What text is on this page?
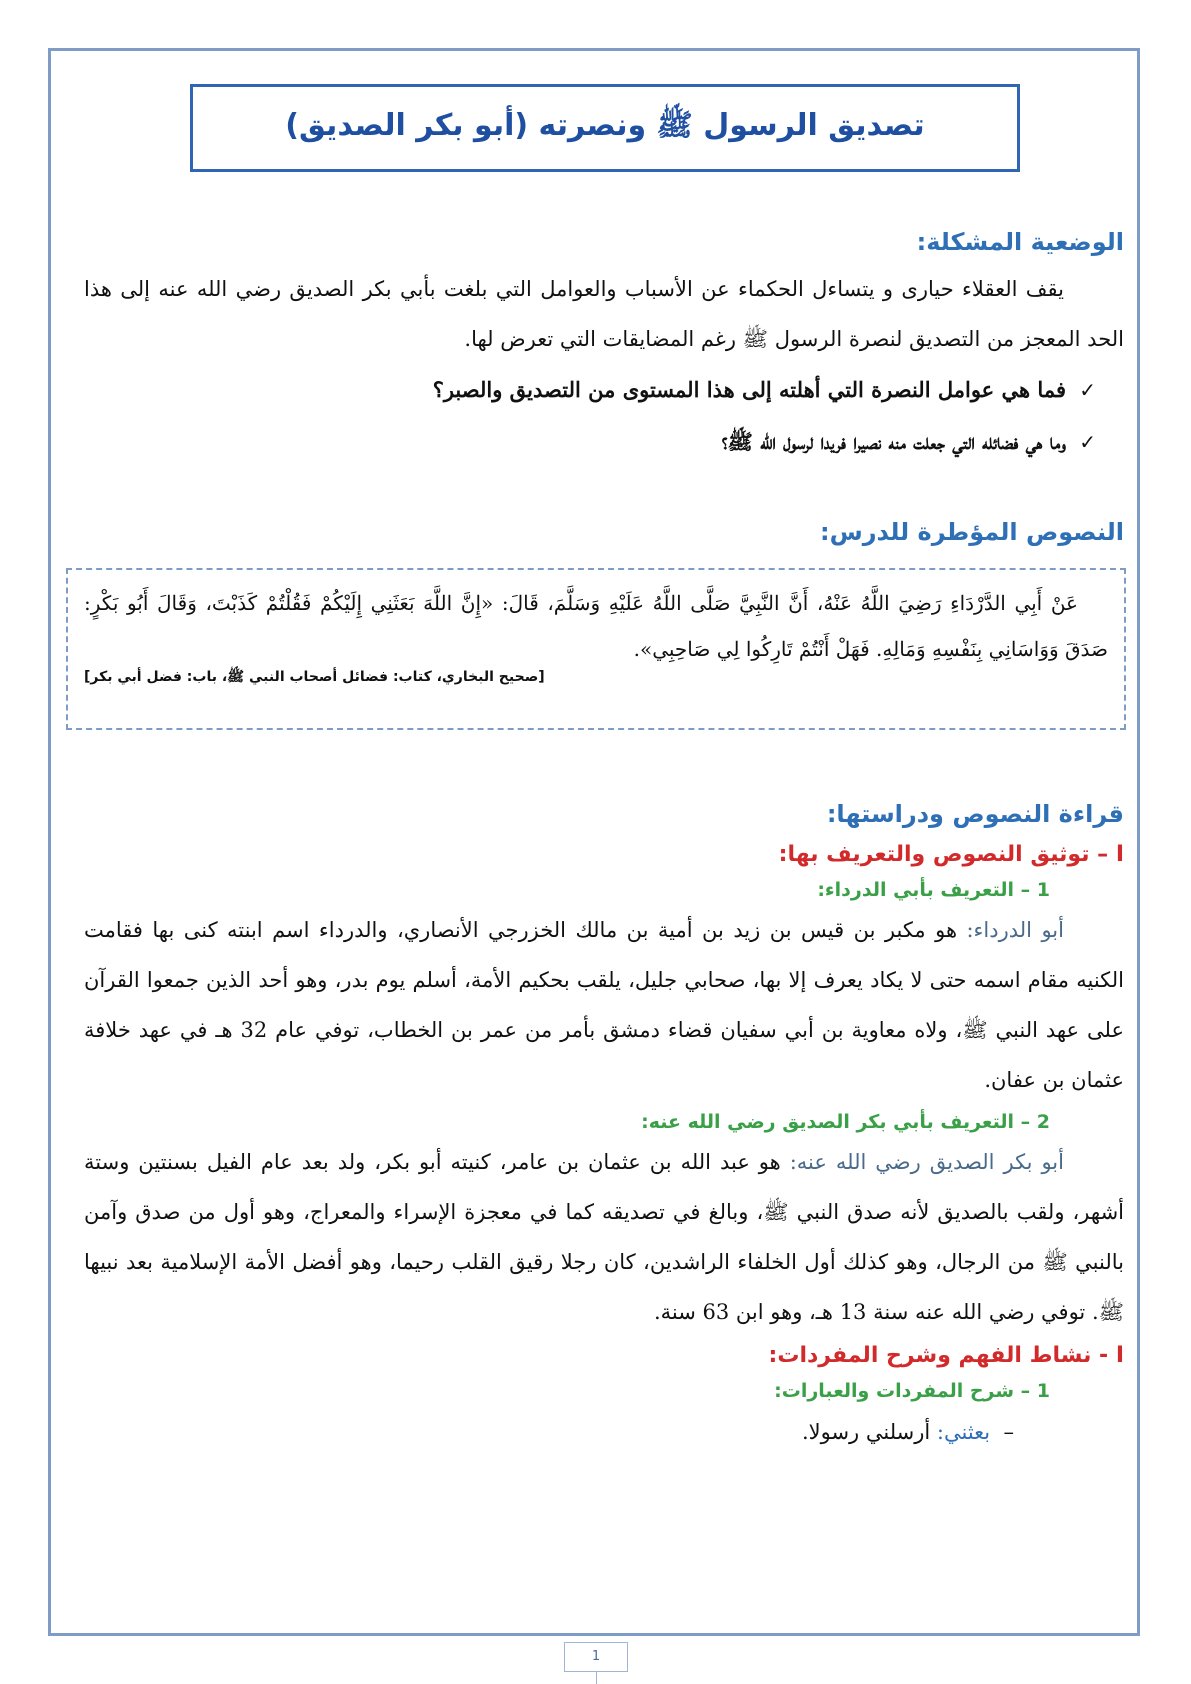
تصديق الرسول ﷺ ونصرته (أبو بكر الصديق)
الوضعية المشكلة:
يقف العقلاء حيارى و يتساءل الحكماء عن الأسباب والعوامل التي بلغت بأبي بكر الصديق رضي الله عنه إلى هذا الحد المعجز من التصديق لنصرة الرسول ﷺ رغم المضايقات التي تعرض لها.
✓
فما هي عوامل النصرة التي أهلته إلى هذا المستوى من التصديق والصبر؟
✓
وما هي فضائله التي جعلت منه نصيرا فريدا لرسول الله ﷺ؟
النصوص المؤطرة للدرس:
عَنْ أَبِي الدَّرْدَاءِ رَضِيَ اللَّهُ عَنْهُ، أَنَّ النَّبِيَّ صَلَّى اللَّهُ عَلَيْهِ وَسَلَّمَ، قَالَ: «إِنَّ اللَّهَ بَعَثَنِي إِلَيْكُمْ فَقُلْتُمْ كَذَبْتَ، وَقَالَ أَبُو بَكْرٍ: صَدَقَ وَوَاسَانِي بِنَفْسِهِ وَمَالِهِ. فَهَلْ أَنْتُمْ تَارِكُوا لِي صَاحِبِي».
[صحيح البخاري، كتاب: فضائل أصحاب النبي ﷺ، باب: فضل أبي بكر]
قراءة النصوص ودراستها:
I – توثيق النصوص والتعريف بها:
1 – التعريف بأبي الدرداء:
أبو الدرداء: هو مكبر بن قيس بن زيد بن أمية بن مالك الخزرجي الأنصاري، والدرداء اسم ابنته كنى بها فقامت الكنيه مقام اسمه حتى لا يكاد يعرف إلا بها، صحابي جليل، يلقب بحكيم الأمة، أسلم يوم بدر، وهو أحد الذين جمعوا القرآن على عهد النبي ﷺ، ولاه معاوية بن أبي سفيان قضاء دمشق بأمر من عمر بن الخطاب، توفي عام 32 هـ في عهد خلافة عثمان بن عفان.
2 – التعريف بأبي بكر الصديق رضي الله عنه:
أبو بكر الصديق رضي الله عنه: هو عبد الله بن عثمان بن عامر، كنيته أبو بكر، ولد بعد عام الفيل بسنتين وستة أشهر، ولقب بالصديق لأنه صدق النبي ﷺ، وبالغ في تصديقه كما في معجزة الإسراء والمعراج، وهو أول من صدق وآمن بالنبي ﷺ من الرجال، وهو كذلك أول الخلفاء الراشدين، كان رجلا رقيق القلب رحيما، وهو أفضل الأمة الإسلامية بعد نبيها ﷺ. توفي رضي الله عنه سنة 13 هـ، وهو ابن 63 سنة.
I - نشاط الفهم وشرح المفردات:
1 – شرح المفردات والعبارات:
–  بعثني: أرسلني رسولا.
1
